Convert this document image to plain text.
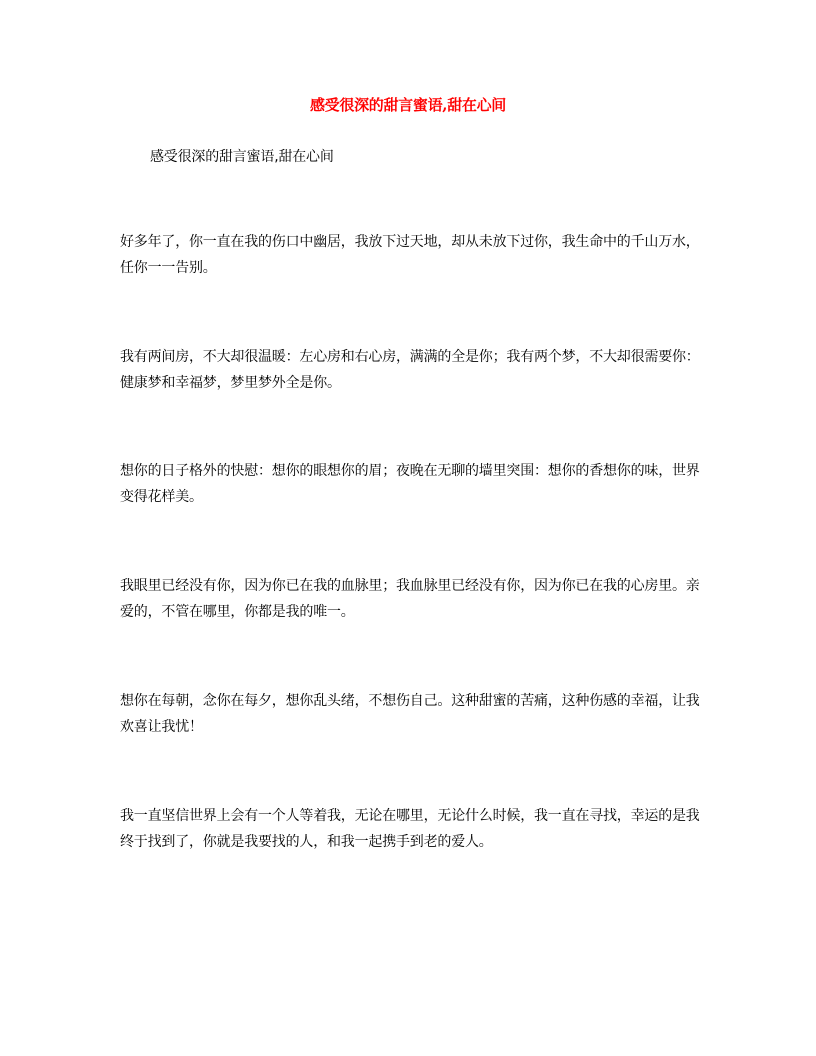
感受很深的甜言蜜语,甜在心间
感受很深的甜言蜜语,甜在心间

好多年了，你一直在我的伤口中幽居，我放下过天地，却从未放下过你，我生命中的千山万水，任你一一告别。

我有两间房，不大却很温暖：左心房和右心房，满满的全是你；我有两个梦，不大却很需要你：健康梦和幸福梦，梦里梦外全是你。

想你的日子格外的快慰：想你的眼想你的眉；夜晚在无聊的墙里突围：想你的香想你的味，世界变得花样美。

我眼里已经没有你，因为你已在我的血脉里；我血脉里已经没有你，因为你已在我的心房里。亲爱的，不管在哪里，你都是我的唯一。

想你在每朝，念你在每夕，想你乱头绪，不想伤自己。这种甜蜜的苦痛，这种伤感的幸福，让我欢喜让我忧！

我一直坚信世界上会有一个人等着我，无论在哪里，无论什么时候，我一直在寻找，幸运的是我终于找到了，你就是我要找的人，和我一起携手到老的爱人。
